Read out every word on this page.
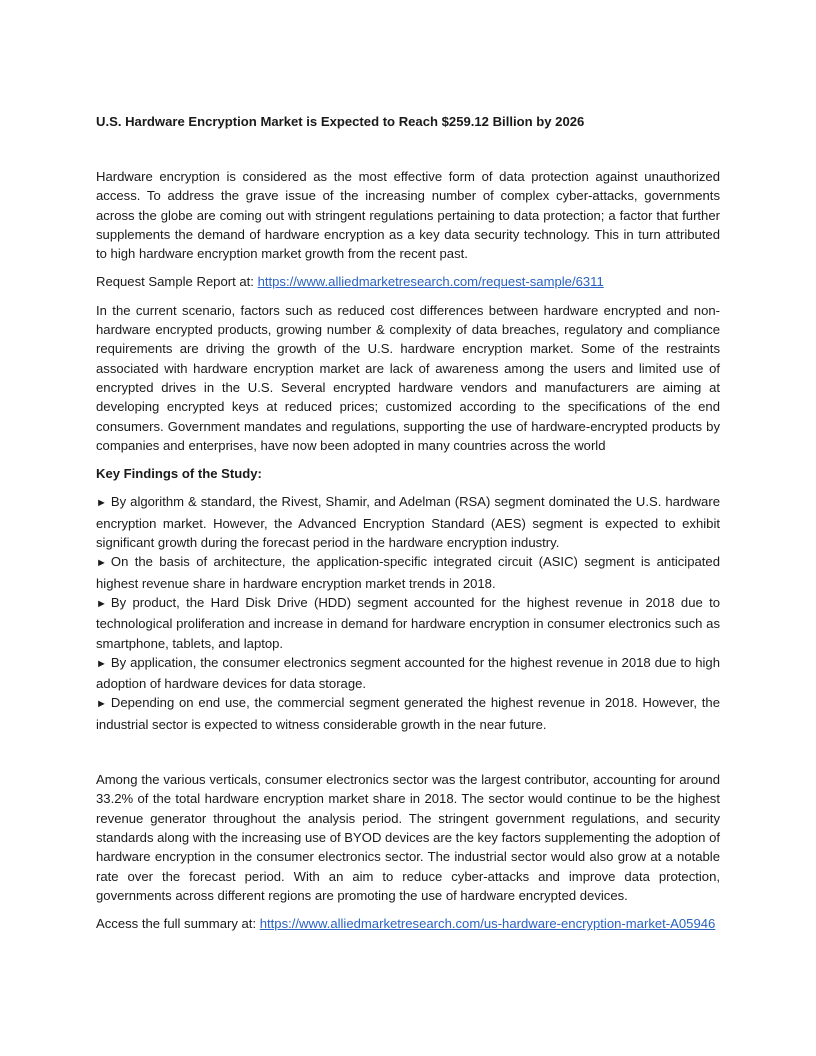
U.S. Hardware Encryption Market is Expected to Reach $259.12 Billion by 2026

Hardware encryption is considered as the most effective form of data protection against unauthorized access. To address the grave issue of the increasing number of complex cyber-attacks, governments across the globe are coming out with stringent regulations pertaining to data protection; a factor that further supplements the demand of hardware encryption as a key data security technology. This in turn attributed to high hardware encryption market growth from the recent past.

Request Sample Report at: https://www.alliedmarketresearch.com/request-sample/6311

In the current scenario, factors such as reduced cost differences between hardware encrypted and non-hardware encrypted products, growing number & complexity of data breaches, regulatory and compliance requirements are driving the growth of the U.S. hardware encryption market. Some of the restraints associated with hardware encryption market are lack of awareness among the users and limited use of encrypted drives in the U.S. Several encrypted hardware vendors and manufacturers are aiming at developing encrypted keys at reduced prices; customized according to the specifications of the end consumers. Government mandates and regulations, supporting the use of hardware-encrypted products by companies and enterprises, have now been adopted in many countries across the world

Key Findings of the Study:
► By algorithm & standard, the Rivest, Shamir, and Adelman (RSA) segment dominated the U.S. hardware encryption market. However, the Advanced Encryption Standard (AES) segment is expected to exhibit significant growth during the forecast period in the hardware encryption industry.
► On the basis of architecture, the application-specific integrated circuit (ASIC) segment is anticipated highest revenue share in hardware encryption market trends in 2018.
► By product, the Hard Disk Drive (HDD) segment accounted for the highest revenue in 2018 due to technological proliferation and increase in demand for hardware encryption in consumer electronics such as smartphone, tablets, and laptop.
► By application, the consumer electronics segment accounted for the highest revenue in 2018 due to high adoption of hardware devices for data storage.
► Depending on end use, the commercial segment generated the highest revenue in 2018. However, the industrial sector is expected to witness considerable growth in the near future.

Among the various verticals, consumer electronics sector was the largest contributor, accounting for around 33.2% of the total hardware encryption market share in 2018. The sector would continue to be the highest revenue generator throughout the analysis period. The stringent government regulations, and security standards along with the increasing use of BYOD devices are the key factors supplementing the adoption of hardware encryption in the consumer electronics sector. The industrial sector would also grow at a notable rate over the forecast period. With an aim to reduce cyber-attacks and improve data protection, governments across different regions are promoting the use of hardware encrypted devices.

Access the full summary at: https://www.alliedmarketresearch.com/us-hardware-encryption-market-A05946
